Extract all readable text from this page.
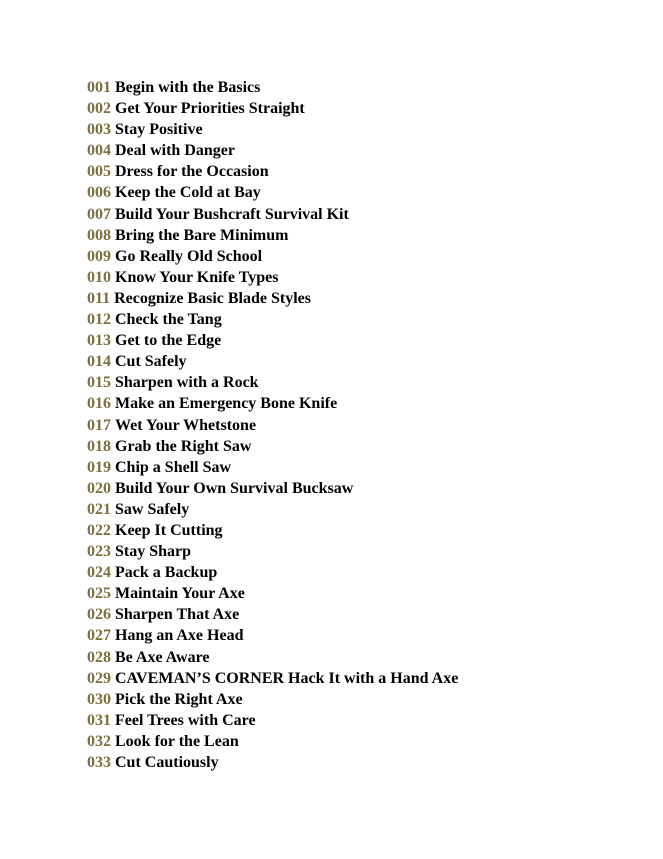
001 Begin with the Basics
002 Get Your Priorities Straight
003 Stay Positive
004 Deal with Danger
005 Dress for the Occasion
006 Keep the Cold at Bay
007 Build Your Bushcraft Survival Kit
008 Bring the Bare Minimum
009 Go Really Old School
010 Know Your Knife Types
011 Recognize Basic Blade Styles
012 Check the Tang
013 Get to the Edge
014 Cut Safely
015 Sharpen with a Rock
016 Make an Emergency Bone Knife
017 Wet Your Whetstone
018 Grab the Right Saw
019 Chip a Shell Saw
020 Build Your Own Survival Bucksaw
021 Saw Safely
022 Keep It Cutting
023 Stay Sharp
024 Pack a Backup
025 Maintain Your Axe
026 Sharpen That Axe
027 Hang an Axe Head
028 Be Axe Aware
029 CAVEMAN’S CORNER Hack It with a Hand Axe
030 Pick the Right Axe
031 Feel Trees with Care
032 Look for the Lean
033 Cut Cautiously
